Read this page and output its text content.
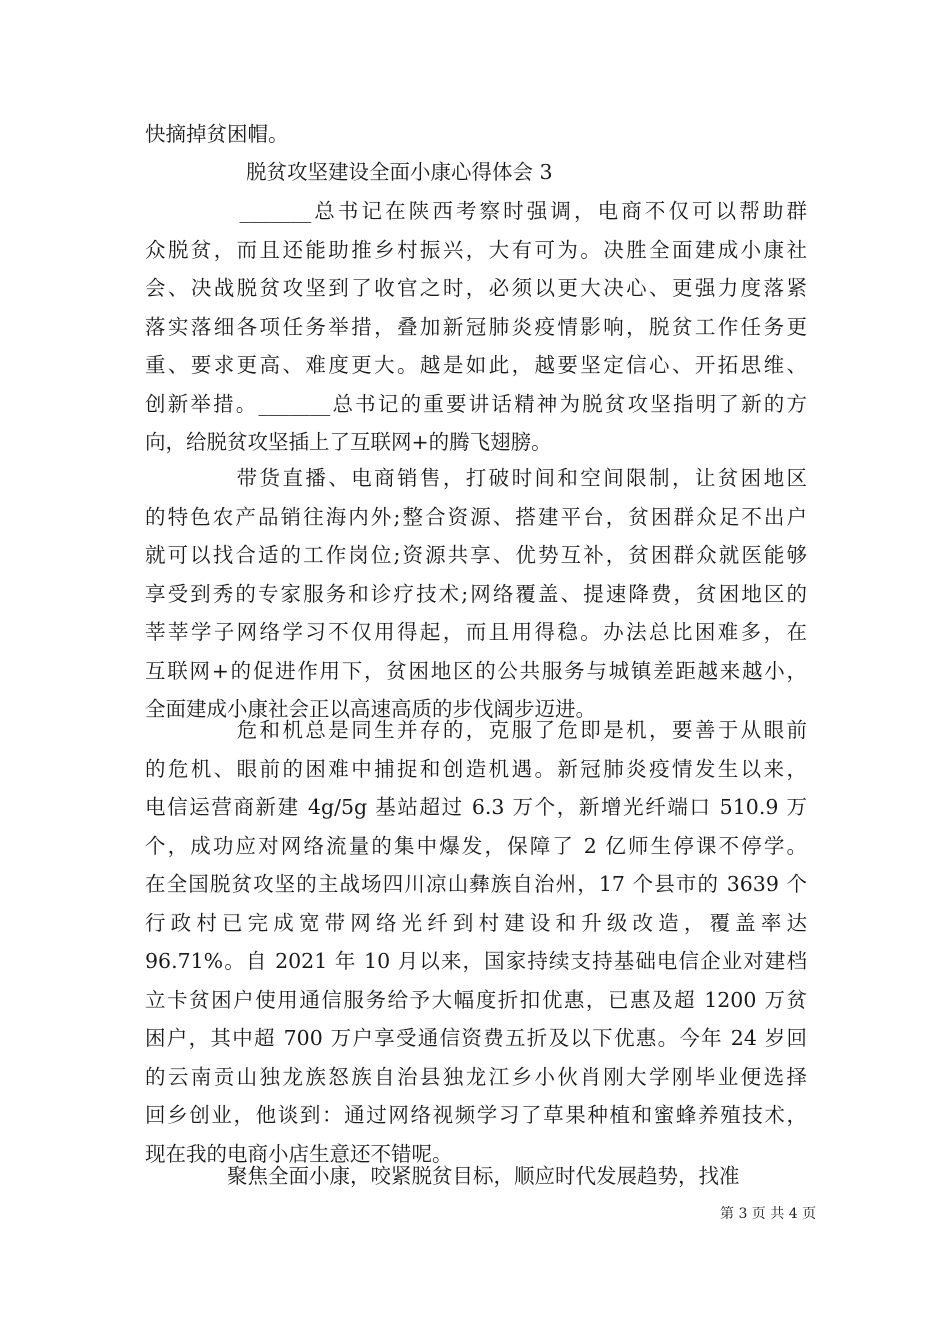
快摘掉贫困帽。
脱贫攻坚建设全面小康心得体会 3
　　　　_______总书记在陕西考察时强调，电商不仅可以帮助群
众脱贫，而且还能助推乡村振兴，大有可为。决胜全面建成小康社
会、决战脱贫攻坚到了收官之时，必须以更大决心、更强力度落紧
落实落细各项任务举措，叠加新冠肺炎疫情影响，脱贫工作任务更
重、要求更高、难度更大。越是如此，越要坚定信心、开拓思维、
创新举措。_______总书记的重要讲话精神为脱贫攻坚指明了新的方
向，给脱贫攻坚插上了互联网+的腾飞翅膀。
　　　　带货直播、电商销售，打破时间和空间限制，让贫困地区
的特色农产品销往海内外;整合资源、搭建平台，贫困群众足不出户
就可以找合适的工作岗位;资源共享、优势互补，贫困群众就医能够
享受到秀的专家服务和诊疗技术;网络覆盖、提速降费，贫困地区的
莘莘学子网络学习不仅用得起，而且用得稳。办法总比困难多，在
互联网+的促进作用下，贫困地区的公共服务与城镇差距越来越小，
全面建成小康社会正以高速高质的步伐阔步迈进。
　　　　危和机总是同生并存的，克服了危即是机，要善于从眼前
的危机、眼前的困难中捕捉和创造机遇。新冠肺炎疫情发生以来，
电信运营商新建 4g/5g 基站超过 6.3 万个，新增光纤端口 510.9 万
个，成功应对网络流量的集中爆发，保障了 2 亿师生停课不停学。
在全国脱贫攻坚的主战场四川凉山彝族自治州，17 个县市的 3639 个
行政村已完成宽带网络光纤到村建设和升级改造，覆盖率达
96.71%。自 2021 年 10 月以来，国家持续支持基础电信企业对建档
立卡贫困户使用通信服务给予大幅度折扣优惠，已惠及超 1200 万贫
困户，其中超 700 万户享受通信资费五折及以下优惠。今年 24 岁回
的云南贡山独龙族怒族自治县独龙江乡小伙肖刚大学刚毕业便选择
回乡创业，他谈到：通过网络视频学习了草果种植和蜜蜂养殖技术，
现在我的电商小店生意还不错呢。
　　　　聚焦全面小康，咬紧脱贫目标，顺应时代发展趋势，找准
第 3 页 共 4 页
